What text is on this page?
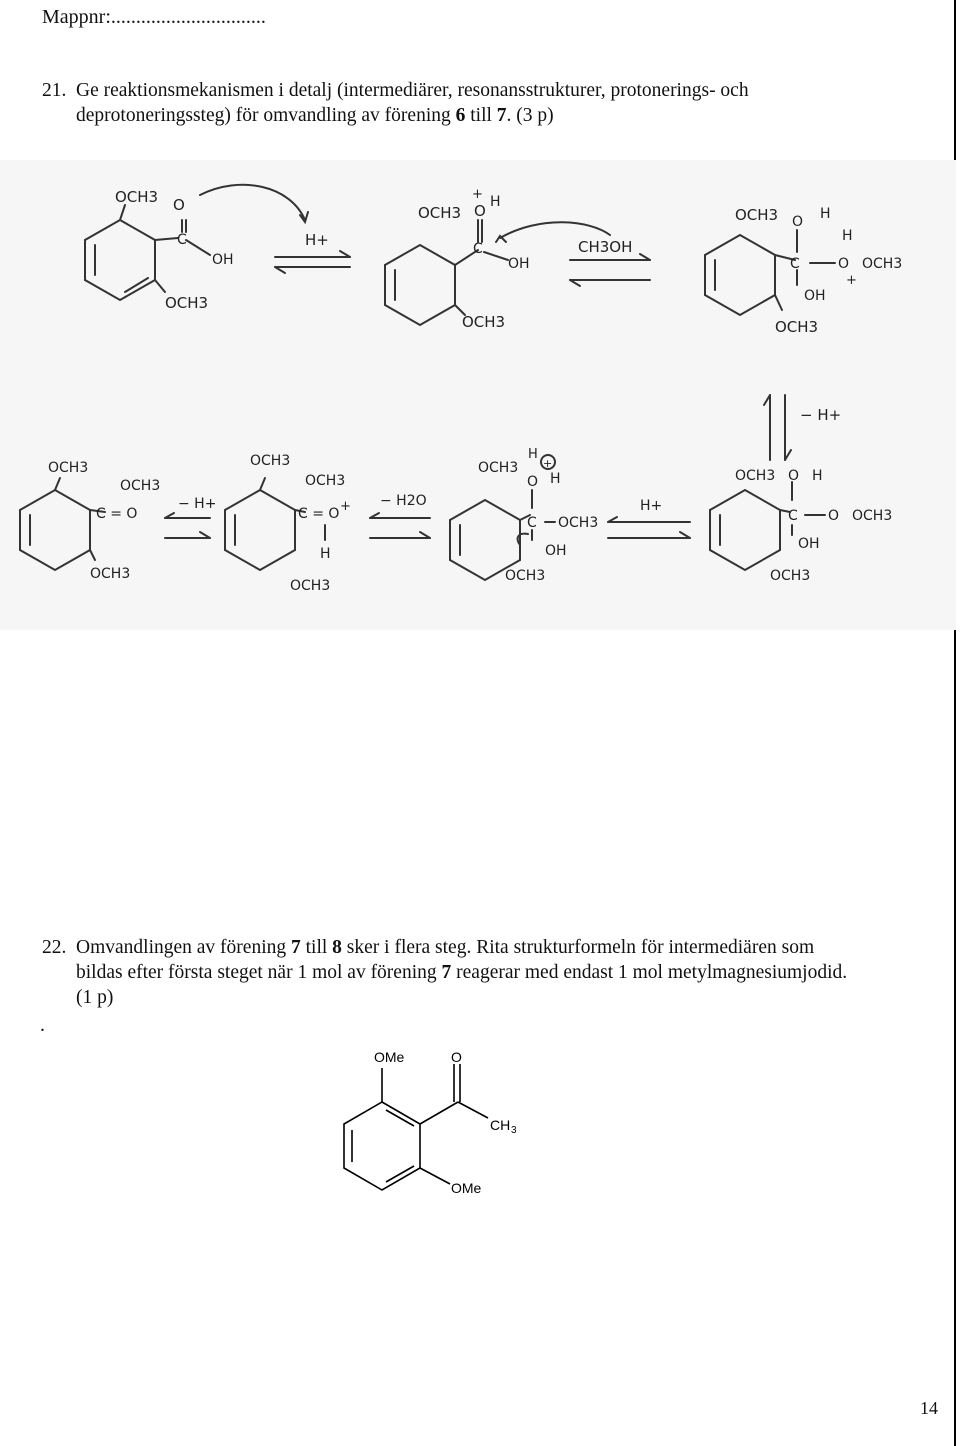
Mappnr:...............................
21. Ge reaktionsmekanismen i detalj (intermediärer, resonansstrukturer, protonerings- och
deprotoneringssteg) för omvandling av förening 6 till 7. (3 p)
OCH3 O
C
OH
OCH3
H+
OCH3 O H
+
C
OH
OCH3
CH3OH
OCH3 O H
C	O
H
OCH3
+
OH
OCH3
− H+
OCH3
C = O
OCH3
OCH3
− H+
OCH3
OCH3
C = O +
H
OCH3
− H2O
OCH3
H
+
O H
C OCH3
OH
OCH3
H+
OCH3 O H
C O OCH3
OH
OCH3
22. Omvandlingen av förening 7 till 8 sker i flera steg. Rita strukturformeln för intermediären som
bildas efter första steget när 1 mol av förening 7 reagerar med endast 1 mol metylmagnesiumjodid.
(1 p)
.
OMe	O
CH 3
OMe
14
